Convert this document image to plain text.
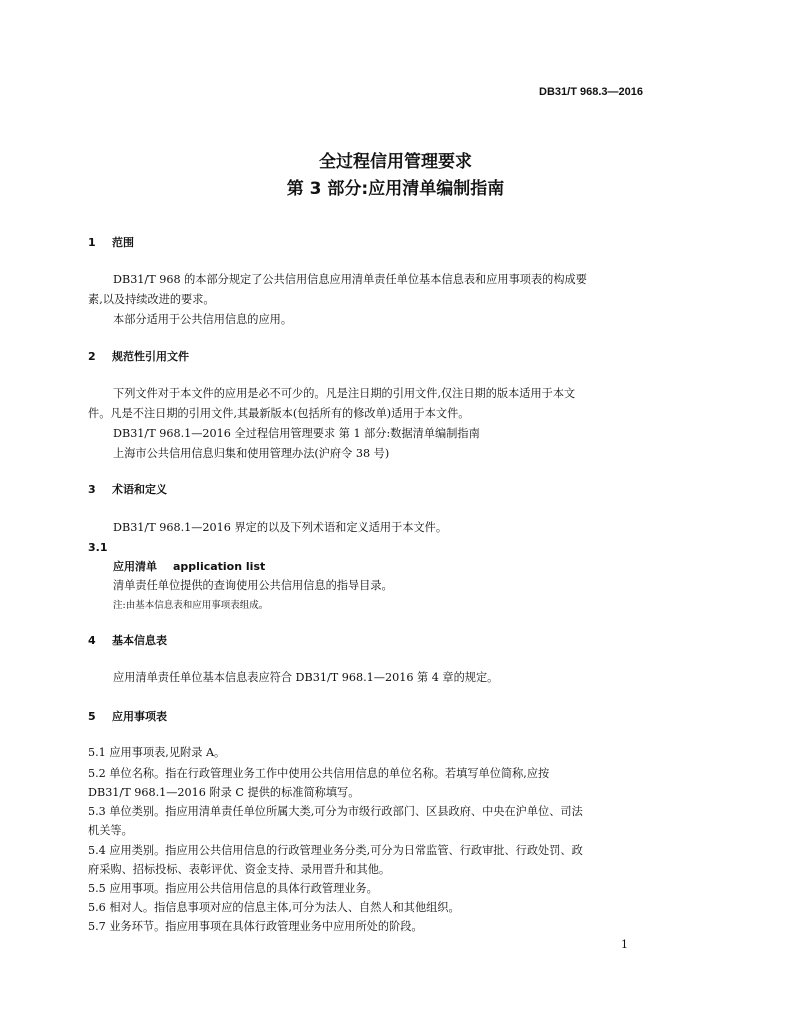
DB31/T 968.3—2016
全过程信用管理要求
第 3 部分:应用清单编制指南
1 范围
DB31/T 968 的本部分规定了公共信用信息应用清单责任单位基本信息表和应用事项表的构成要
素,以及持续改进的要求。
本部分适用于公共信用信息的应用。
2 规范性引用文件
下列文件对于本文件的应用是必不可少的。凡是注日期的引用文件,仅注日期的版本适用于本文
件。凡是不注日期的引用文件,其最新版本(包括所有的修改单)适用于本文件。
DB31/T 968.1—2016 全过程信用管理要求 第 1 部分:数据清单编制指南
上海市公共信用信息归集和使用管理办法(沪府令 38 号)
3 术语和定义
DB31/T 968.1—2016 界定的以及下列术语和定义适用于本文件。
3.1
应用清单 application list
清单责任单位提供的查询使用公共信用信息的指导目录。
注:由基本信息表和应用事项表组成。
4 基本信息表
应用清单责任单位基本信息表应符合 DB31/T 968.1—2016 第 4 章的规定。
5 应用事项表
5.1 应用事项表,见附录 A。
5.2 单位名称。指在行政管理业务工作中使用公共信用信息的单位名称。若填写单位简称,应按
DB31/T 968.1—2016 附录 C 提供的标准简称填写。
5.3 单位类别。指应用清单责任单位所属大类,可分为市级行政部门、区县政府、中央在沪单位、司法
机关等。
5.4 应用类别。指应用公共信用信息的行政管理业务分类,可分为日常监管、行政审批、行政处罚、政
府采购、招标投标、表彰评优、资金支持、录用晋升和其他。
5.5 应用事项。指应用公共信用信息的具体行政管理业务。
5.6 相对人。指信息事项对应的信息主体,可分为法人、自然人和其他组织。
5.7 业务环节。指应用事项在具体行政管理业务中应用所处的阶段。
1
